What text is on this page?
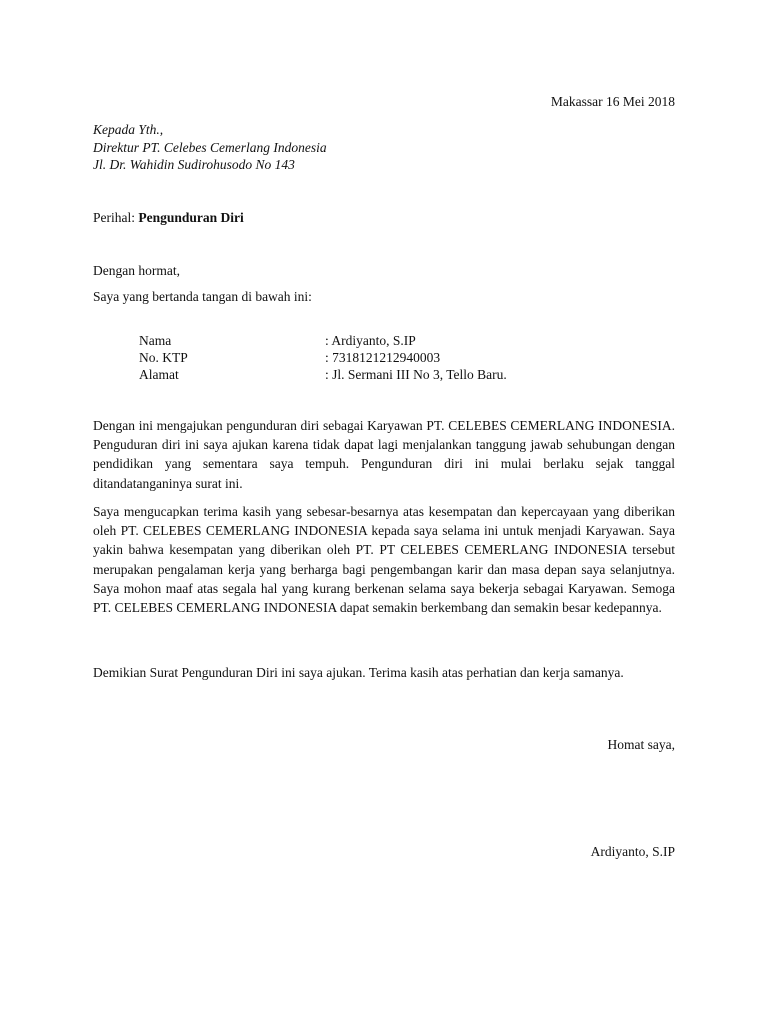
Makassar 16 Mei 2018
Kepada Yth.,
Direktur PT. Celebes Cemerlang Indonesia
Jl. Dr. Wahidin Sudirohusodo No 143
Perihal: Pengunduran Diri
Dengan hormat,
Saya yang bertanda tangan di bawah ini:
Nama	: Ardiyanto, S.IP
No. KTP	: 7318121212940003
Alamat	: Jl. Sermani III No 3, Tello Baru.
Dengan ini mengajukan pengunduran diri sebagai Karyawan PT. CELEBES CEMERLANG INDONESIA. Penguduran diri ini saya ajukan karena tidak dapat lagi menjalankan tanggung jawab sehubungan dengan pendidikan yang sementara saya tempuh. Pengunduran diri ini mulai berlaku sejak tanggal ditandatanganinya surat ini.
Saya mengucapkan terima kasih yang sebesar-besarnya atas kesempatan dan kepercayaan yang diberikan oleh PT. CELEBES CEMERLANG INDONESIA kepada saya selama ini untuk menjadi Karyawan. Saya yakin bahwa kesempatan yang diberikan oleh PT. PT CELEBES CEMERLANG INDONESIA tersebut merupakan pengalaman kerja yang berharga bagi pengembangan karir dan masa depan saya selanjutnya. Saya mohon maaf atas segala hal yang kurang berkenan selama saya bekerja sebagai Karyawan. Semoga PT. CELEBES CEMERLANG INDONESIA dapat semakin berkembang dan semakin besar kedepannya.
Demikian Surat Pengunduran Diri ini saya ajukan. Terima kasih atas perhatian dan kerja samanya.
Homat saya,
Ardiyanto, S.IP
